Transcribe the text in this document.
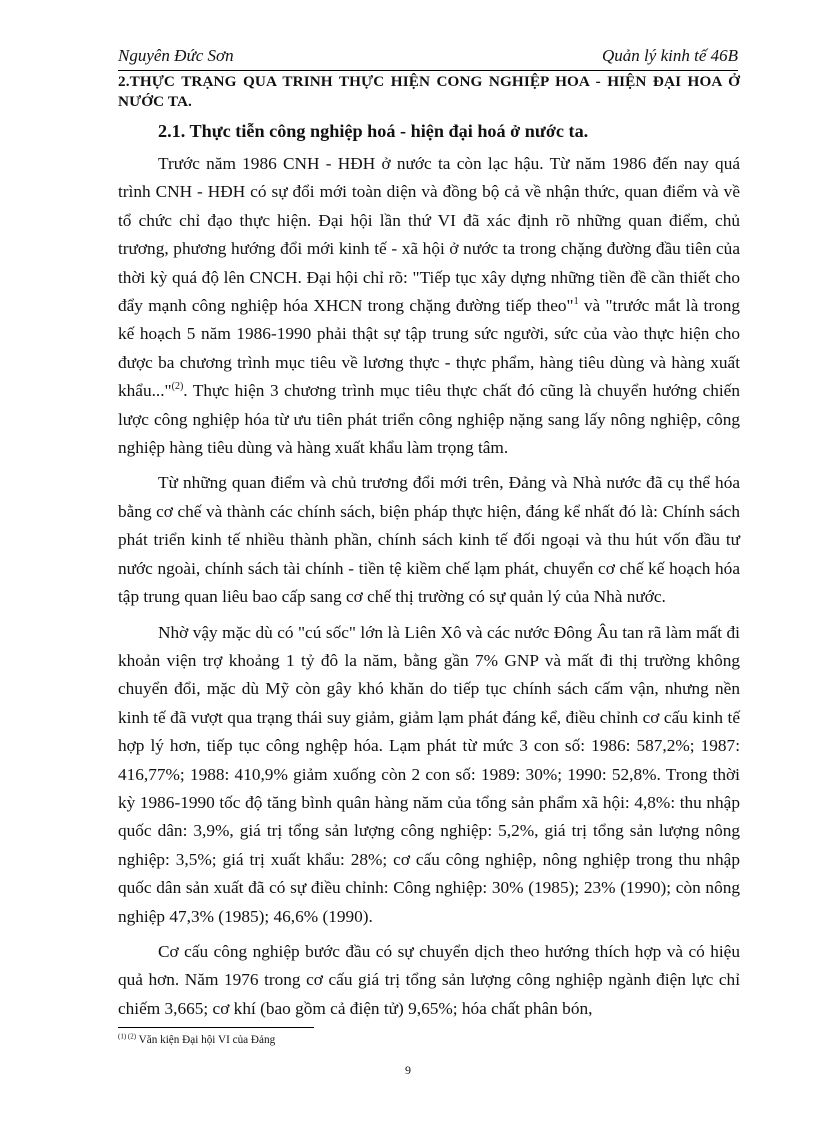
Nguyên Đức Sơn	Quản lý kinh tế 46B
2.THỰC TRẠNG QUA TRINH THỰC HIỆN CONG NGHIỆP HOA - HIỆN ĐẠI HOA Ở NƯỚC TA.
2.1. Thực tiễn công nghiệp hoá - hiện đại hoá ở nước ta.

Trước năm 1986 CNH - HĐH ở nước ta còn lạc hậu. Từ năm 1986 đến nay quá trình CNH - HĐH có sự đổi mới toàn diện và đồng bộ cả về nhận thức, quan điểm và về tổ chức chỉ đạo thực hiện. Đại hội lần thứ VI đã xác định rõ những quan điểm, chủ trương, phương hướng đổi mới kinh tế - xã hội ở nước ta trong chặng đường đầu tiên của thời kỳ quá độ lên CNCH. Đại hội chỉ rõ: "Tiếp tục xây dựng những tiền đề cần thiết cho đẩy mạnh công nghiệp hóa XHCN trong chặng đường tiếp theo"$^1$ và "trước mắt là trong kế hoạch 5 năm 1986-1990 phải thật sự tập trung sức người, sức của vào thực hiện cho được ba chương trình mục tiêu về lương thực - thực phẩm, hàng tiêu dùng và hàng xuất khẩu..."$^{(2)}$. Thực hiện 3 chương trình mục tiêu thực chất đó cũng là chuyển hướng chiến lược công nghiệp hóa từ ưu tiên phát triển công nghiệp nặng sang lấy nông nghiệp, công nghiệp hàng tiêu dùng và hàng xuất khẩu làm trọng tâm.

Từ những quan điểm và chủ trương đổi mới trên, Đảng và Nhà nước đã cụ thể hóa bằng cơ chế và thành các chính sách, biện pháp thực hiện, đáng kể nhất đó là: Chính sách phát triển kinh tế nhiều thành phần, chính sách kinh tế đối ngoại và thu hút vốn đầu tư nước ngoài, chính sách tài chính - tiền tệ kiềm chế lạm phát, chuyển cơ chế kế hoạch hóa tập trung quan liêu bao cấp sang cơ chế thị trường có sự quản lý của Nhà nước.

Nhờ vậy mặc dù có "cú sốc" lớn là Liên Xô và các nước Đông Âu tan rã làm mất đi khoản viện trợ khoảng 1 tỷ đô la năm, bằng gần 7% GNP và mất đi thị trường không chuyển đổi, mặc dù Mỹ còn gây khó khăn do tiếp tục chính sách cấm vận, nhưng nền kinh tế đã vượt qua trạng thái suy giảm, giảm lạm phát đáng kể, điều chỉnh cơ cấu kinh tế hợp lý hơn, tiếp tục công nghệp hóa. Lạm phát từ mức 3 con số: 1986: 587,2%; 1987: 416,77%; 1988: 410,9% giảm xuống còn 2 con số: 1989: 30%; 1990: 52,8%. Trong thời kỳ 1986-1990 tốc độ tăng bình quân hàng năm của tổng sản phẩm xã hội: 4,8%: thu nhập quốc dân: 3,9%, giá trị tổng sản lượng công nghiệp: 5,2%, giá trị tổng sản lượng nông nghiệp: 3,5%; giá trị xuất khẩu: 28%; cơ cấu công nghiệp, nông nghiệp trong thu nhập quốc dân sản xuất đã có sự điều chỉnh: Công nghiệp: 30% (1985); 23% (1990); còn nông nghiệp 47,3% (1985); 46,6% (1990).

Cơ cấu công nghiệp bước đầu có sự chuyển dịch theo hướng thích hợp và có hiệu quả hơn. Năm 1976 trong cơ cấu giá trị tổng sản lượng công nghiệp ngành điện lực chỉ chiếm 3,665; cơ khí (bao gồm cả điện tử) 9,65%; hóa chất phân bón,

$^{(1) (2)}$ Văn kiện Đại hội VI của Đảng
9
